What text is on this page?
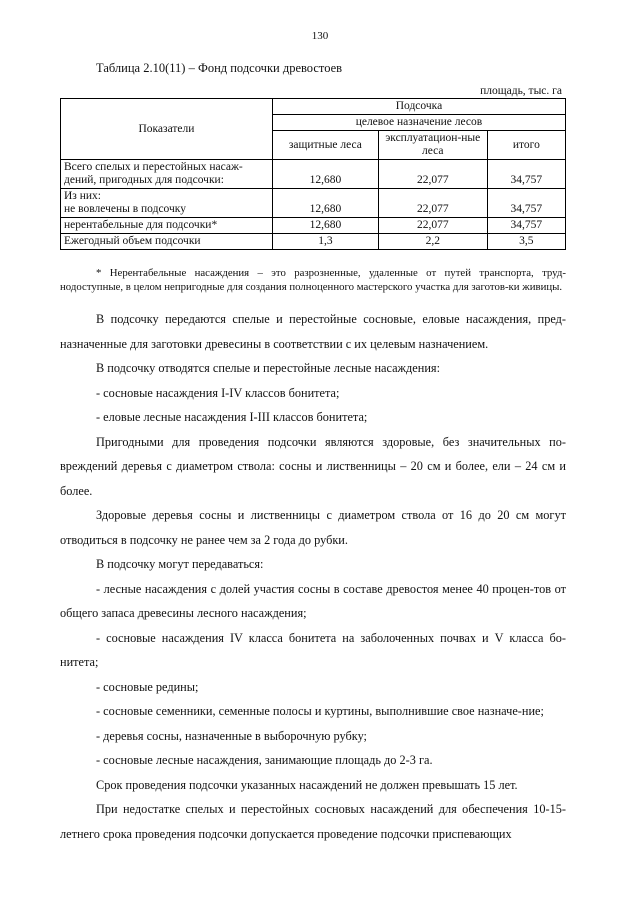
130
Таблица 2.10(11) – Фонд подсочки древостоев
площадь, тыс. га
Показатели	Подсочка		
	целевое назначение лесов		
	защитные леса	эксплуатацион-ные леса	итого
Всего спелых и перестойных насаж-дений, пригодных для подсочки:	12,680	22,077	34,757

Из них:
не вовлечены в подсочку	12,680	22,077	34,757
нерентабельные для подсочки*	12,680	22,077	34,757
Ежегодный объем подсочки	1,3	2,2	3,5
* Нерентабельные насаждения – это разрозненные, удаленные от путей транспорта, труд-нодоступные, в целом непригодные для создания полноценного мастерского участка для заготов-ки живицы.

В подсочку передаются спелые и перестойные сосновые, еловые насаждения, пред-назначенные для заготовки древесины в соответствии с их целевым назначением.

В подсочку отводятся спелые и перестойные лесные насаждения:

- сосновые насаждения I-IV классов бонитета;

- еловые лесные насаждения I-III классов бонитета;

Пригодными для проведения подсочки являются здоровые, без значительных по-вреждений деревья с диаметром ствола: сосны и лиственницы – 20 см и более, ели – 24 см и более.

Здоровые деревья сосны и лиственницы с диаметром ствола от 16 до 20 см могут отводиться в подсочку не ранее чем за 2 года до рубки.

В подсочку могут передаваться:

- лесные насаждения с долей участия сосны в составе древостоя менее 40 процен-тов от общего запаса древесины лесного насаждения;

- сосновые насаждения IV класса бонитета на заболоченных почвах и V класса бо-нитета;

- сосновые редины;

- сосновые семенники, семенные полосы и куртины, выполнившие свое назначе-ние;

- деревья сосны, назначенные в выборочную рубку;

- сосновые лесные насаждения, занимающие площадь до 2-3 га.

Срок проведения подсочки указанных насаждений не должен превышать 15 лет.

При недостатке спелых и перестойных сосновых насаждений для обеспечения 10-15-летнего срока проведения подсочки допускается проведение подсочки приспевающих
